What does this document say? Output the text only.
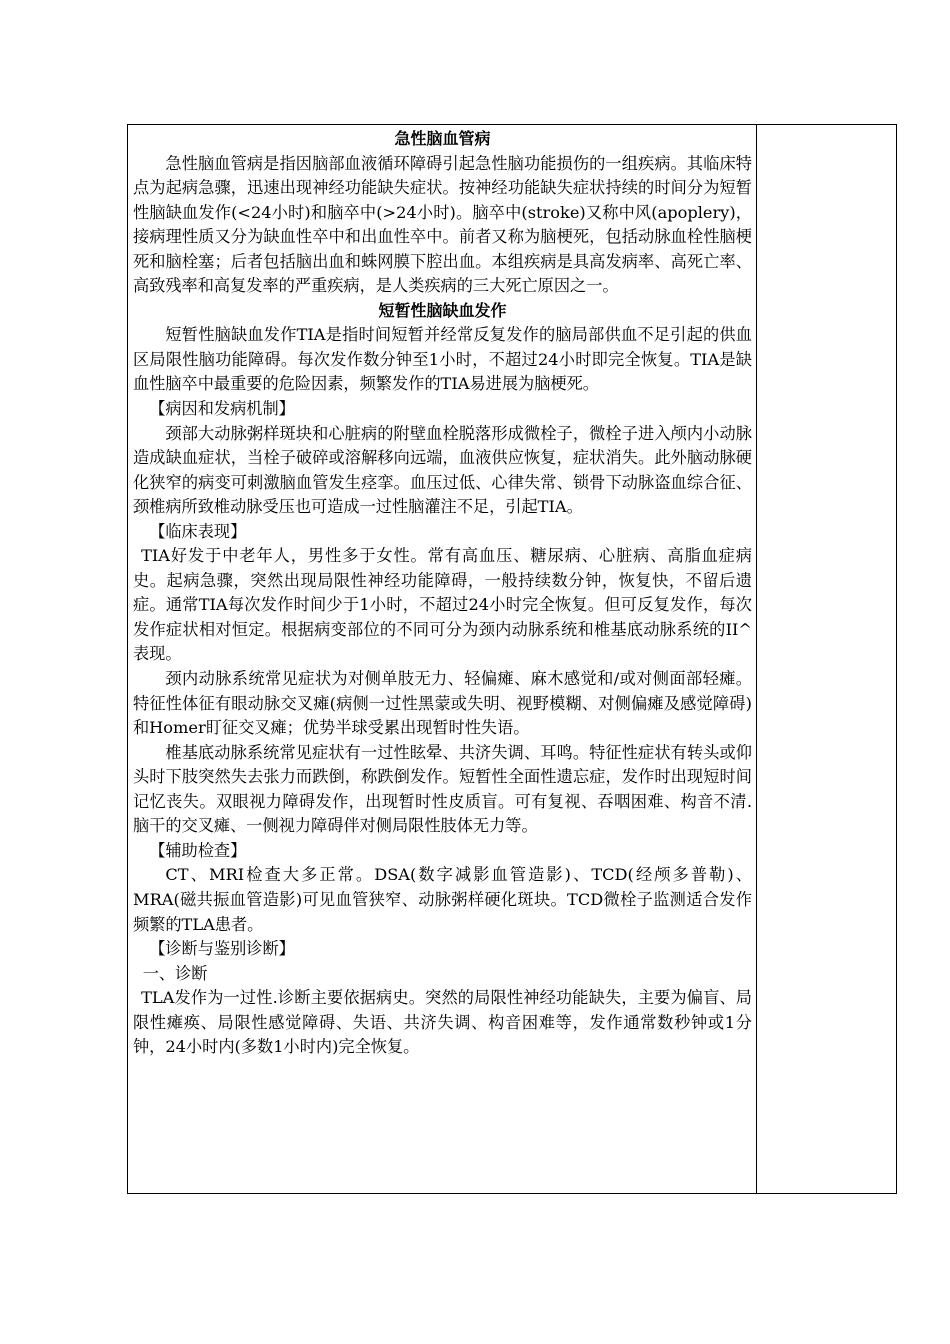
急性脑血管病

急性脑血管病是指因脑部血液循环障碍引起急性脑功能损伤的一组疾病。其临床特点为起病急骤，迅速出现神经功能缺失症状。按神经功能缺失症状持续的时间分为短暂性脑缺血发作(<24小时)和脑卒中(>24小时)。脑卒中(stroke)又称中风(apoplery)，接病理性质又分为缺血性卒中和出血性卒中。前者又称为脑梗死，包括动脉血栓性脑梗死和脑栓塞；后者包括脑出血和蛛网膜下腔出血。本组疾病是具高发病率、高死亡率、高致残率和高复发率的严重疾病，是人类疾病的三大死亡原因之一。

短暂性脑缺血发作

短暂性脑缺血发作TIA是指时间短暂并经常反复发作的脑局部供血不足引起的供血区局限性脑功能障碍。每次发作数分钟至1小时，不超过24小时即完全恢复。TIA是缺血性脑卒中最重要的危险因素，频繁发作的TIA易进展为脑梗死。

【病因和发病机制】

颈部大动脉粥样斑块和心脏病的附壁血栓脱落形成微栓子，微栓子进入颅内小动脉造成缺血症状，当栓子破碎或溶解移向远端，血液供应恢复，症状消失。此外脑动脉硬化狭窄的病变可刺激脑血管发生痉挛。血压过低、心律失常、锁骨下动脉盗血综合征、颈椎病所致椎动脉受压也可造成一过性脑灌注不足，引起TIA。

【临床表现】

TIA好发于中老年人，男性多于女性。常有高血压、糖尿病、心脏病、高脂血症病史。起病急骤，突然出现局限性神经功能障碍，一般持续数分钟，恢复快，不留后遗症。通常TIA每次发作时间少于1小时，不超过24小时完全恢复。但可反复发作，每次发作症状相对恒定。根据病变部位的不同可分为颈内动脉系统和椎基底动脉系统的II^表现。

颈内动脉系统常见症状为对侧单肢无力、轻偏瘫、麻木感觉和/或对侧面部轻瘫。特征性体征有眼动脉交叉瘫(病侧一过性黑蒙或失明、视野模糊、对侧偏瘫及感觉障碍)和Homer盯征交叉瘫；优势半球受累出现暂时性失语。

椎基底动脉系统常见症状有一过性眩晕、共济失调、耳鸣。特征性症状有转头或仰头时下肢突然失去张力而跌倒，称跌倒发作。短暂性全面性遗忘症，发作时出现短时间记忆丧失。双眼视力障碍发作，出现暂时性皮质盲。可有复视、吞咽困难、构音不清.脑干的交叉瘫、一侧视力障碍伴对侧局限性肢体无力等。

【辅助检查】

CT、MRI检查大多正常。DSA(数字减影血管造影)、TCD(经颅多普勒)、MRA(磁共振血管造影)可见血管狭窄、动脉粥样硬化斑块。TCD微栓子监测适合发作频繁的TLA患者。

【诊断与鉴别诊断】

一、诊断

TLA发作为一过性.诊断主要依据病史。突然的局限性神经功能缺失，主要为偏盲、局限性瘫痪、局限性感觉障碍、失语、共济失调、构音困难等，发作通常数秒钟或1分钟，24小时内(多数1小时内)完全恢复。
